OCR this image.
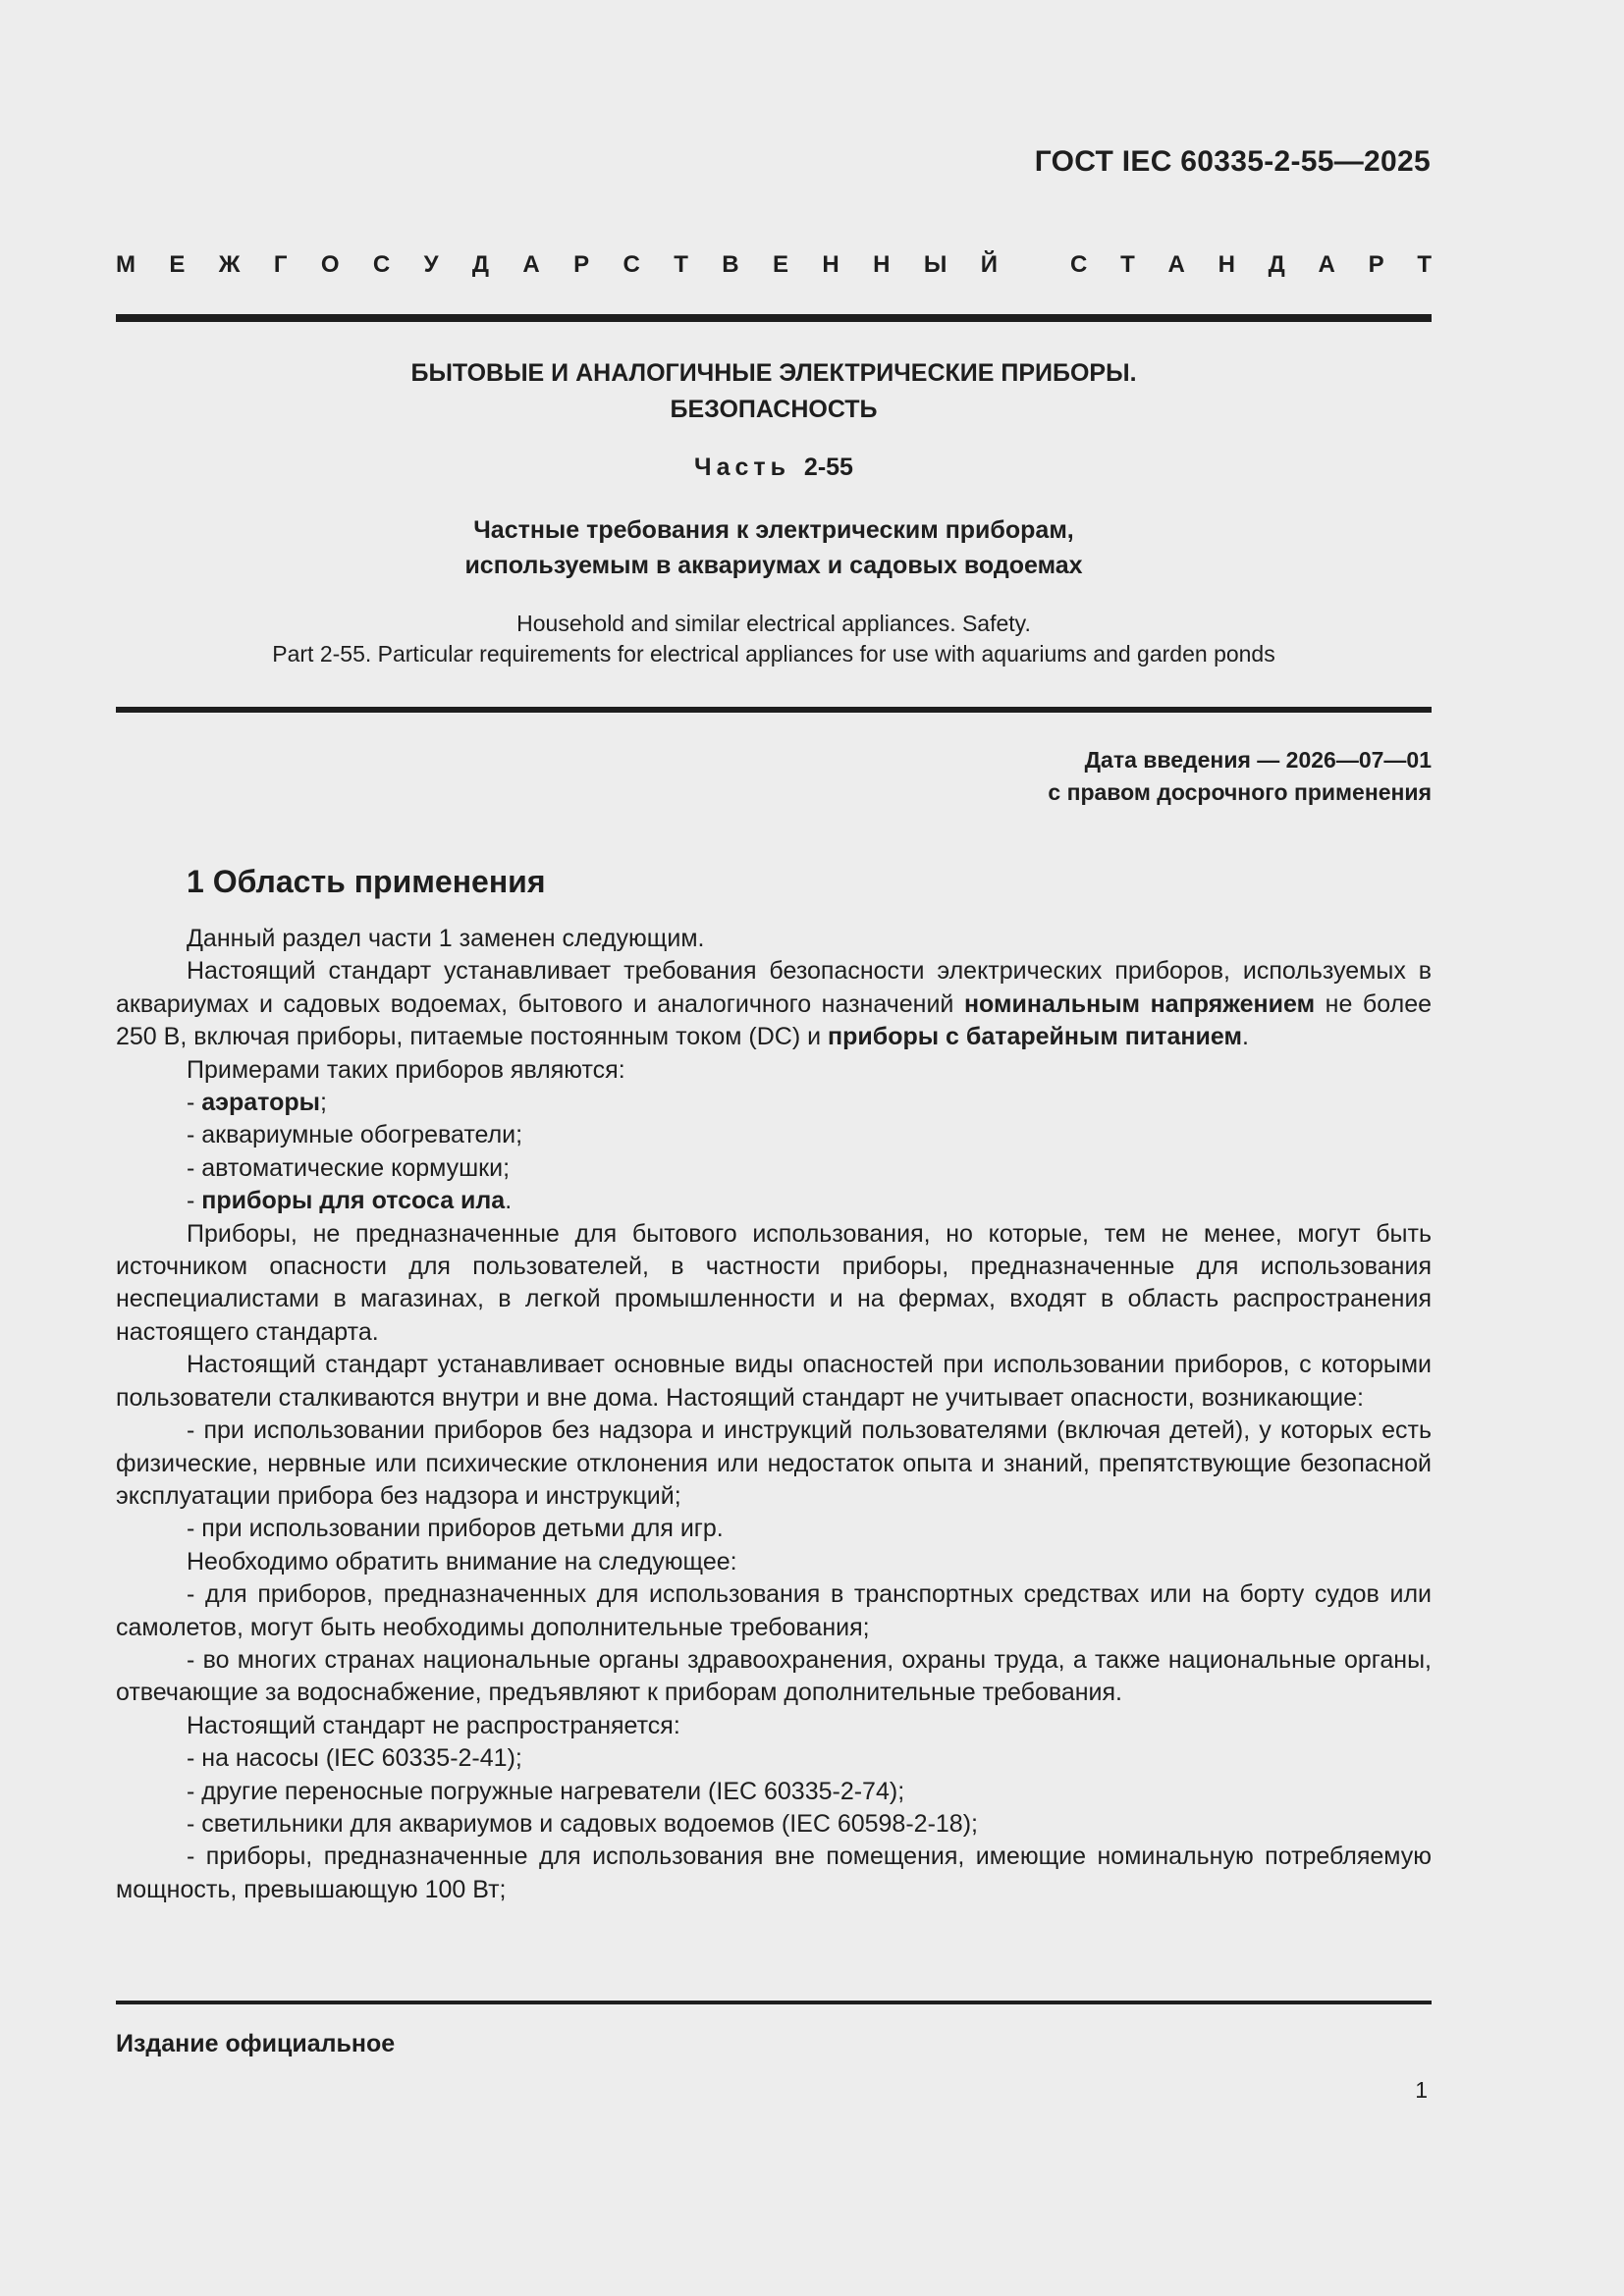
ГОСТ IEC 60335-2-55—2025
М Е Ж Г О С У Д А Р С Т В Е Н Н Ы Й	С Т А Н Д А Р Т
БЫТОВЫЕ И АНАЛОГИЧНЫЕ ЭЛЕКТРИЧЕСКИЕ ПРИБОРЫ.
БЕЗОПАСНОСТЬ
Часть 2-55
Частные требования к электрическим приборам,
используемым в аквариумах и садовых водоемах
Household and similar electrical appliances. Safety.
Part 2-55. Particular requirements for electrical appliances for use with aquariums and garden ponds
Дата введения — 2026—07—01
с правом досрочного применения
1 Область применения

Данный раздел части 1 заменен следующим.

Настоящий стандарт устанавливает требования безопасности электрических приборов, используемых в аквариумах и садовых водоемах, бытового и аналогичного назначений номинальным напряжением не более 250 В, включая приборы, питаемые постоянным током (DC) и приборы с батарейным питанием.

Примерами таких приборов являются:

- аэраторы;

- аквариумные обогреватели;

- автоматические кормушки;

- приборы для отсоса ила.

Приборы, не предназначенные для бытового использования, но которые, тем не менее, могут быть источником опасности для пользователей, в частности приборы, предназначенные для использования неспециалистами в магазинах, в легкой промышленности и на фермах, входят в область распространения настоящего стандарта.

Настоящий стандарт устанавливает основные виды опасностей при использовании приборов, с которыми пользователи сталкиваются внутри и вне дома. Настоящий стандарт не учитывает опасности, возникающие:

- при использовании приборов без надзора и инструкций пользователями (включая детей), у которых есть физические, нервные или психические отклонения или недостаток опыта и знаний, препятствующие безопасной эксплуатации прибора без надзора и инструкций;

- при использовании приборов детьми для игр.

Необходимо обратить внимание на следующее:

- для приборов, предназначенных для использования в транспортных средствах или на борту судов или самолетов, могут быть необходимы дополнительные требования;

- во многих странах национальные органы здравоохранения, охраны труда, а также национальные органы, отвечающие за водоснабжение, предъявляют к приборам дополнительные требования.

Настоящий стандарт не распространяется:

- на насосы (IEC 60335-2-41);

- другие переносные погружные нагреватели (IEC 60335-2-74);

- светильники для аквариумов и садовых водоемов (IEC 60598-2-18);

- приборы, предназначенные для использования вне помещения, имеющие номинальную потребляемую мощность, превышающую 100 Вт;

Издание официальное
1
